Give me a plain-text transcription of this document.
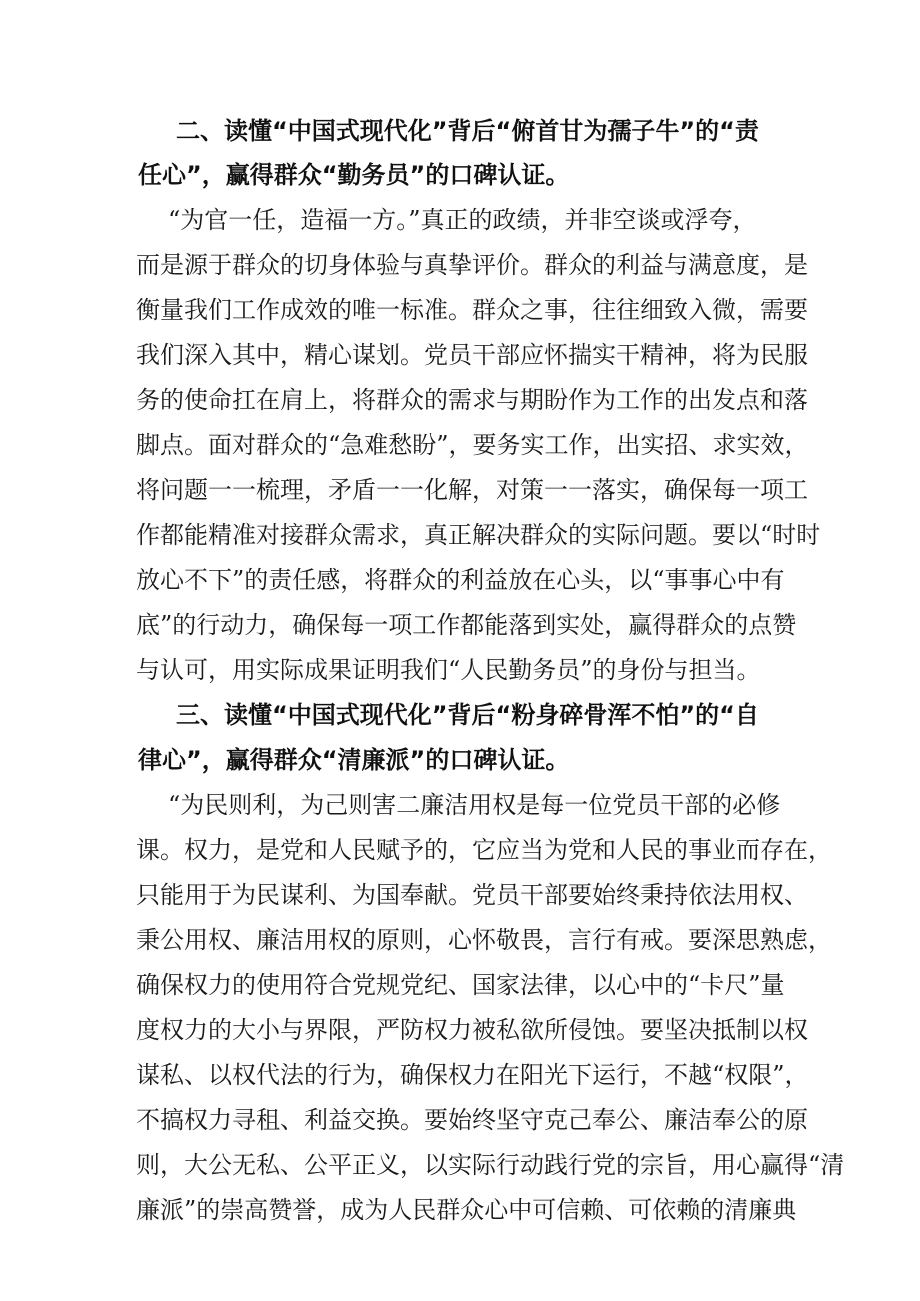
二、读懂“中国式现代化”背后“俯首甘为孺子牛”的“责
任心”，赢得群众“勤务员”的口碑认证。
“为官一任，造福一方。”真正的政绩，并非空谈或浮夸，
而是源于群众的切身体验与真挚评价。群众的利益与满意度，是
衡量我们工作成效的唯一标准。群众之事，往往细致入微，需要
我们深入其中，精心谋划。党员干部应怀揣实干精神，将为民服
务的使命扛在肩上，将群众的需求与期盼作为工作的出发点和落
脚点。面对群众的“急难愁盼”，要务实工作，出实招、求实效，
将问题一一梳理，矛盾一一化解，对策一一落实，确保每一项工
作都能精准对接群众需求，真正解决群众的实际问题。要以“时时
放心不下”的责任感，将群众的利益放在心头，以“事事心中有
底”的行动力，确保每一项工作都能落到实处，赢得群众的点赞
与认可，用实际成果证明我们“人民勤务员”的身份与担当。
三、读懂“中国式现代化”背后“粉身碎骨浑不怕”的“自
律心”，赢得群众“清廉派”的口碑认证。
“为民则利，为己则害二廉洁用权是每一位党员干部的必修
课。权力，是党和人民赋予的，它应当为党和人民的事业而存在，
只能用于为民谋利、为国奉献。党员干部要始终秉持依法用权、
秉公用权、廉洁用权的原则，心怀敬畏，言行有戒。要深思熟虑，
确保权力的使用符合党规党纪、国家法律，以心中的“卡尺”量
度权力的大小与界限，严防权力被私欲所侵蚀。要坚决抵制以权
谋私、以权代法的行为，确保权力在阳光下运行，不越“权限”，
不搞权力寻租、利益交换。要始终坚守克己奉公、廉洁奉公的原
则，大公无私、公平正义，以实际行动践行党的宗旨，用心赢得“清
廉派”的崇高赞誉，成为人民群众心中可信赖、可依赖的清廉典
